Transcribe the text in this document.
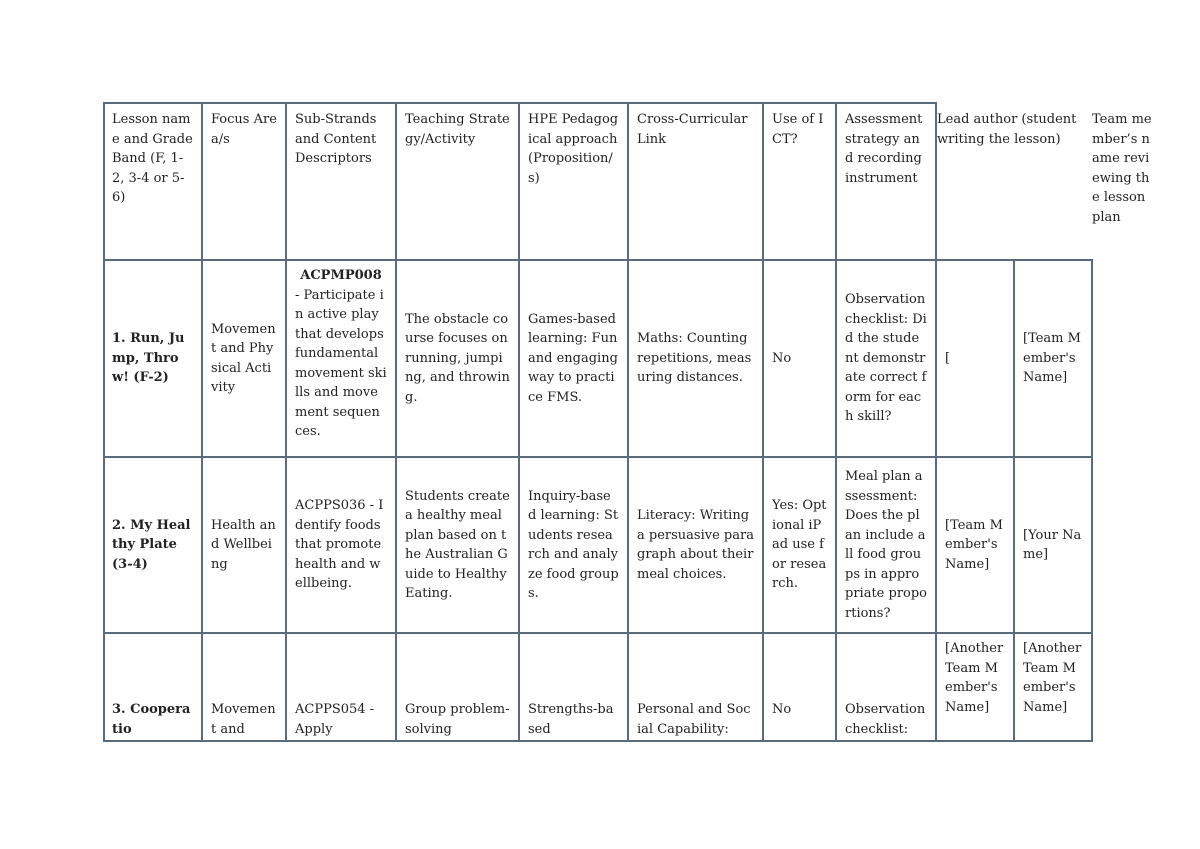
Lesson name and Grade Band (F, 1-2, 3-4 or 5-6)
Focus Area/s
Sub-Strands and Content Descriptors
Teaching Strategy/Activity
HPE Pedagogical approach (Proposition/s)
Cross-Curricular Link
Use of ICT?
Assessment strategy and recording instrument
Lead author (student writing the lesson)
Team member’s name reviewing the lesson plan
1. Run, Jump, Throw! (F-2)
Movement and Physical Activity
ACPMP008
- Participate in active play that develops fundamental movement skills and movement sequences.
The obstacle course focuses on running, jumping, and throwing.
Games-based learning: Fun and engaging way to practice FMS.
Maths: Counting repetitions, measuring distances.
No
Observation checklist: Did the student demonstrate correct form for each skill?
[
[Team Member's Name]
2. My Healthy Plate (3-4)
Health and Wellbeing
ACPPS036 - Identify foods that promote health and wellbeing.
Students create a healthy meal plan based on the Australian Guide to Healthy Eating.
Inquiry-based learning: Students research and analyze food groups.
Literacy: Writing a persuasive paragraph about their meal choices.
Yes: Optional iPad use for research.
Meal plan assessment: Does the plan include all food groups in appropriate proportions?
[Team Member's Name]
[Your Name]
3. Cooperatio
Movement and
ACPPS054 - Apply
Group problem-solving
Strengths-based
Personal and Social Capability:
No	Observation checklist:
[Another Team Member's Name]
[Another Team Member's Name]
